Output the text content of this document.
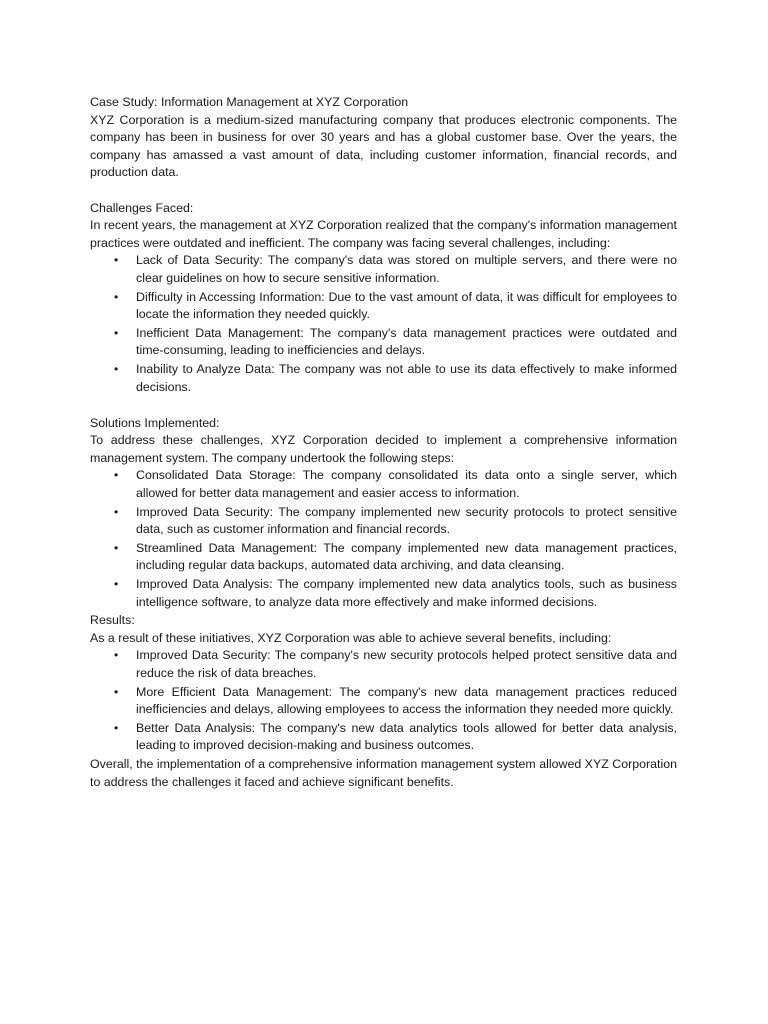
Case Study: Information Management at XYZ Corporation

XYZ Corporation is a medium-sized manufacturing company that produces electronic components. The company has been in business for over 30 years and has a global customer base. Over the years, the company has amassed a vast amount of data, including customer information, financial records, and production data.

Challenges Faced:

In recent years, the management at XYZ Corporation realized that the company's information management practices were outdated and inefficient. The company was facing several challenges, including:

• Lack of Data Security: The company's data was stored on multiple servers, and there were no clear guidelines on how to secure sensitive information.
• Difficulty in Accessing Information: Due to the vast amount of data, it was difficult for employees to locate the information they needed quickly.
• Inefficient Data Management: The company's data management practices were outdated and time-consuming, leading to inefficiencies and delays.
• Inability to Analyze Data: The company was not able to use its data effectively to make informed decisions.

Solutions Implemented:

To address these challenges, XYZ Corporation decided to implement a comprehensive information management system. The company undertook the following steps:

• Consolidated Data Storage: The company consolidated its data onto a single server, which allowed for better data management and easier access to information.
• Improved Data Security: The company implemented new security protocols to protect sensitive data, such as customer information and financial records.
• Streamlined Data Management: The company implemented new data management practices, including regular data backups, automated data archiving, and data cleansing.
• Improved Data Analysis: The company implemented new data analytics tools, such as business intelligence software, to analyze data more effectively and make informed decisions.

Results:

As a result of these initiatives, XYZ Corporation was able to achieve several benefits, including:

• Improved Data Security: The company's new security protocols helped protect sensitive data and reduce the risk of data breaches.
• More Efficient Data Management: The company's new data management practices reduced inefficiencies and delays, allowing employees to access the information they needed more quickly.
• Better Data Analysis: The company's new data analytics tools allowed for better data analysis, leading to improved decision-making and business outcomes.

Overall, the implementation of a comprehensive information management system allowed XYZ Corporation to address the challenges it faced and achieve significant benefits.
